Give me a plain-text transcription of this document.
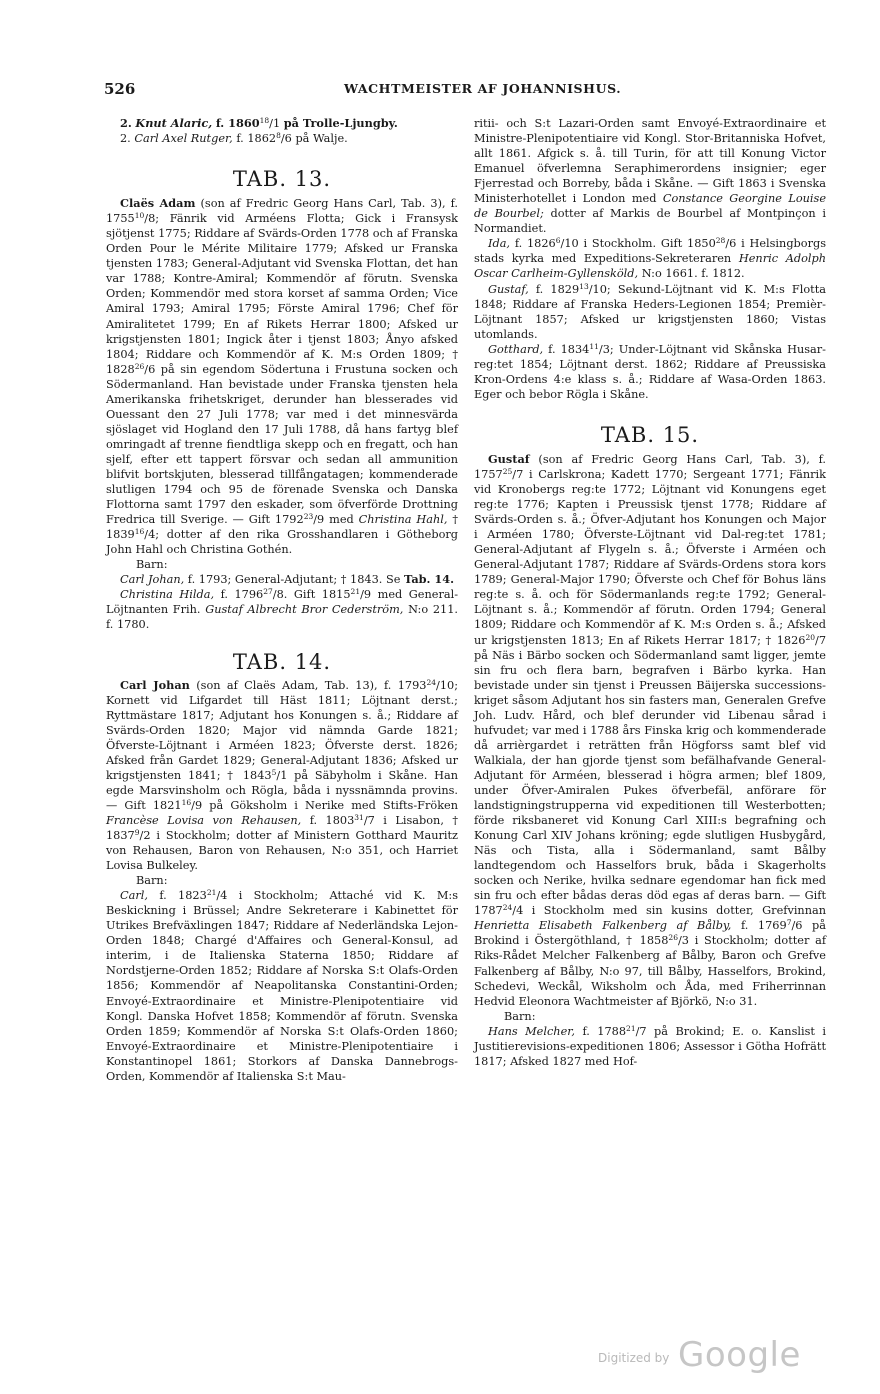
526	WACHTMEISTER AF JOHANNISHUS.

2. Knut Alaric, f. 1860$^{18}$/1 på Trolle-Ljungby.

2. Carl Axel Rutger, f. 1862$^8$/6 på Walje.

TAB. 13.

Claës Adam (son af Fredric Georg Hans Carl, Tab. 3), f. 1755$^{10}$/8; Fänrik vid Arméens Flotta; Gick i Fransysk sjötjenst 1775; Riddare af Svärds-Orden 1778 och af Franska Orden Pour le Mérite Militaire 1779; Afsked ur Franska tjensten 1783; General-Adjutant vid Svenska Flottan, det han var 1788; Kontre-Amiral; Kommendör af förutn. Svenska Orden; Kommendör med stora korset af samma Orden; Vice Amiral 1793; Amiral 1795; Förste Amiral 1796; Chef för Amiralitetet 1799; En af Rikets Herrar 1800; Afsked ur krigstjensten 1801; Ingick åter i tjenst 1803; Ånyo afsked 1804; Riddare och Kommendör af K. M:s Orden 1809; † 1828$^{26}$/6 på sin egendom Södertuna i Frustuna socken och Södermanland. Han bevistade under Franska tjensten hela Amerikanska frihetskriget, derunder han blesserades vid Ouessant den 27 Juli 1778; var med i det minnesvärda sjöslaget vid Hogland den 17 Juli 1788, då hans fartyg blef omringadt af trenne fiendtliga skepp och en fregatt, och han sjelf, efter ett tappert försvar och sedan all ammunition blifvit bortskjuten, blesserad tillfångatagen; kommenderade slutligen 1794 och 95 de förenade Svenska och Danska Flottorna samt 1797 den eskader, som öfverförde Drottning Fredrica till Sverige. — Gift 1792$^{23}$/9 med Christina Hahl, † 1839$^{16}$/4; dotter af den rika Grosshandlaren i Götheborg John Hahl och Christina Gothén.

Barn:

Carl Johan, f. 1793; General-Adjutant; † 1843. Se Tab. 14.

Christina Hilda, f. 1796$^{27}$/8. Gift 1815$^{21}$/9 med General-Löjtnanten Frih. Gustaf Albrecht Bror Cederström, N:o 211. f. 1780.

TAB. 14.

Carl Johan (son af Claës Adam, Tab. 13), f. 1793$^{24}$/10; Kornett vid Lifgardet till Häst 1811; Löjtnant derst.; Ryttmästare 1817; Adjutant hos Konungen s. å.; Riddare af Svärds-Orden 1820; Major vid nämnda Garde 1821; Öfverste-Löjtnant i Arméen 1823; Öfverste derst. 1826; Afsked från Gardet 1829; General-Adjutant 1836; Afsked ur krigstjensten 1841; † 1843$^5$/1 på Säbyholm i Skåne. Han egde Marsvinsholm och Rögla, båda i nyssnämnda provins. — Gift 1821$^{16}$/9 på Göksholm i Nerike med Stifts-Fröken Francèse Lovisa von Rehausen, f. 1803$^{31}$/7 i Lisabon, † 1837$^9$/2 i Stockholm; dotter af Ministern Gotthard Mauritz von Rehausen, Baron von Rehausen, N:o 351, och Harriet Lovisa Bulkeley.

Barn:

Carl, f. 1823$^{21}$/4 i Stockholm; Attaché vid K. M:s Beskickning i Brüssel; Andre Sekreterare i Kabinettet för Utrikes Brefväxlingen 1847; Riddare af Nederländska Lejon-Orden 1848; Chargé d'Affaires och General-Konsul, ad interim, i de Italienska Staterna 1850; Riddare af Nordstjerne-Orden 1852; Riddare af Norska S:t Olafs-Orden 1856; Kommendör af Neapolitanska Constantini-Orden; Envoyé-Extraordinaire et Ministre-Plenipotentiaire vid Kongl. Danska Hofvet 1858; Kommendör af förutn. Svenska Orden 1859; Kommendör af Norska S:t Olafs-Orden 1860; Envoyé-Extraordinaire et Ministre-Plenipotentiaire i Konstantinopel 1861; Storkors af Danska Dannebrogs-Orden, Kommendör af Italienska S:t Mau-

ritii- och S:t Lazari-Orden samt Envoyé-Extraordinaire et Ministre-Plenipotentiaire vid Kongl. Stor-Britanniska Hofvet, allt 1861. Afgick s. å. till Turin, för att till Konung Victor Emanuel öfverlemna Seraphimerordens insignier; eger Fjerrestad och Borreby, båda i Skåne. — Gift 1863 i Svenska Ministerhotellet i London med Constance Georgine Louise de Bourbel; dotter af Markis de Bourbel af Montpinçon i Normandiet.

Ida, f. 1826$^6$/10 i Stockholm. Gift 1850$^{28}$/6 i Helsingborgs stads kyrka med Expeditions-Sekreteraren Henric Adolph Oscar Carlheim-Gyllensköld, N:o 1661. f. 1812.

Gustaf, f. 1829$^{13}$/10; Sekund-Löjtnant vid K. M:s Flotta 1848; Riddare af Franska Heders-Legionen 1854; Premièr-Löjtnant 1857; Afsked ur krigstjensten 1860; Vistas utomlands.

Gotthard, f. 1834$^{11}$/3; Under-Löjtnant vid Skånska Husar-reg:tet 1854; Löjtnant derst. 1862; Riddare af Preussiska Kron-Ordens 4:e klass s. å.; Riddare af Wasa-Orden 1863. Eger och bebor Rögla i Skåne.

TAB. 15.

Gustaf (son af Fredric Georg Hans Carl, Tab. 3), f. 1757$^{25}$/7 i Carlskrona; Kadett 1770; Sergeant 1771; Fänrik vid Kronobergs reg:te 1772; Löjtnant vid Konungens eget reg:te 1776; Kapten i Preussisk tjenst 1778; Riddare af Svärds-Orden s. å.; Öfver-Adjutant hos Konungen och Major i Arméen 1780; Öfverste-Löjtnant vid Dal-reg:tet 1781; General-Adjutant af Flygeln s. å.; Öfverste i Arméen och General-Adjutant 1787; Riddare af Svärds-Ordens stora kors 1789; General-Major 1790; Öfverste och Chef för Bohus läns reg:te s. å. och för Södermanlands reg:te 1792; General-Löjtnant s. å.; Kommendör af förutn. Orden 1794; General 1809; Riddare och Kommendör af K. M:s Orden s. å.; Afsked ur krigstjensten 1813; En af Rikets Herrar 1817; † 1826$^{20}$/7 på Näs i Bärbo socken och Södermanland samt ligger, jemte sin fru och flera barn, begrafven i Bärbo kyrka. Han bevistade under sin tjenst i Preussen Bäijerska successions-kriget såsom Adjutant hos sin fasters man, Generalen Grefve Joh. Ludv. Hård, och blef derunder vid Libenau sårad i hufvudet; var med i 1788 års Finska krig och kommenderade då arrièrgardet i reträtten från Högforss samt blef vid Walkiala, der han gjorde tjenst som befälhafvande General-Adjutant för Arméen, blesserad i högra armen; blef 1809, under Öfver-Amiralen Pukes öfverbefäl, anförare för landstigningstrupperna vid expeditionen till Westerbotten; förde riksbaneret vid Konung Carl XIII:s begrafning och Konung Carl XIV Johans kröning; egde slutligen Husbygård, Näs och Tista, alla i Södermanland, samt Bålby landtegendom och Hasselfors bruk, båda i Skagerholts socken och Nerike, hvilka sednare egendomar han fick med sin fru och efter bådas deras död egas af deras barn. — Gift 1787$^{24}$/4 i Stockholm med sin kusins dotter, Grefvinnan Henrietta Elisabeth Falkenberg af Bålby, f. 1769$^7$/6 på Brokind i Östergöthland, † 1858$^{26}$/3 i Stockholm; dotter af Riks-Rådet Melcher Falkenberg af Bålby, Baron och Grefve Falkenberg af Bålby, N:o 97, till Bålby, Hasselfors, Brokind, Schedevi, Weckål, Wiksholm och Åda, med Friherrinnan Hedvid Eleonora Wachtmeister af Björkö, N:o 31.

Barn:

Hans Melcher, f. 1788$^{21}$/7 på Brokind; E. o. Kanslist i Justitierevisions-expeditionen 1806; Assessor i Götha Hofrätt 1817; Afsked 1827 med Hof-

Digitized by Google
